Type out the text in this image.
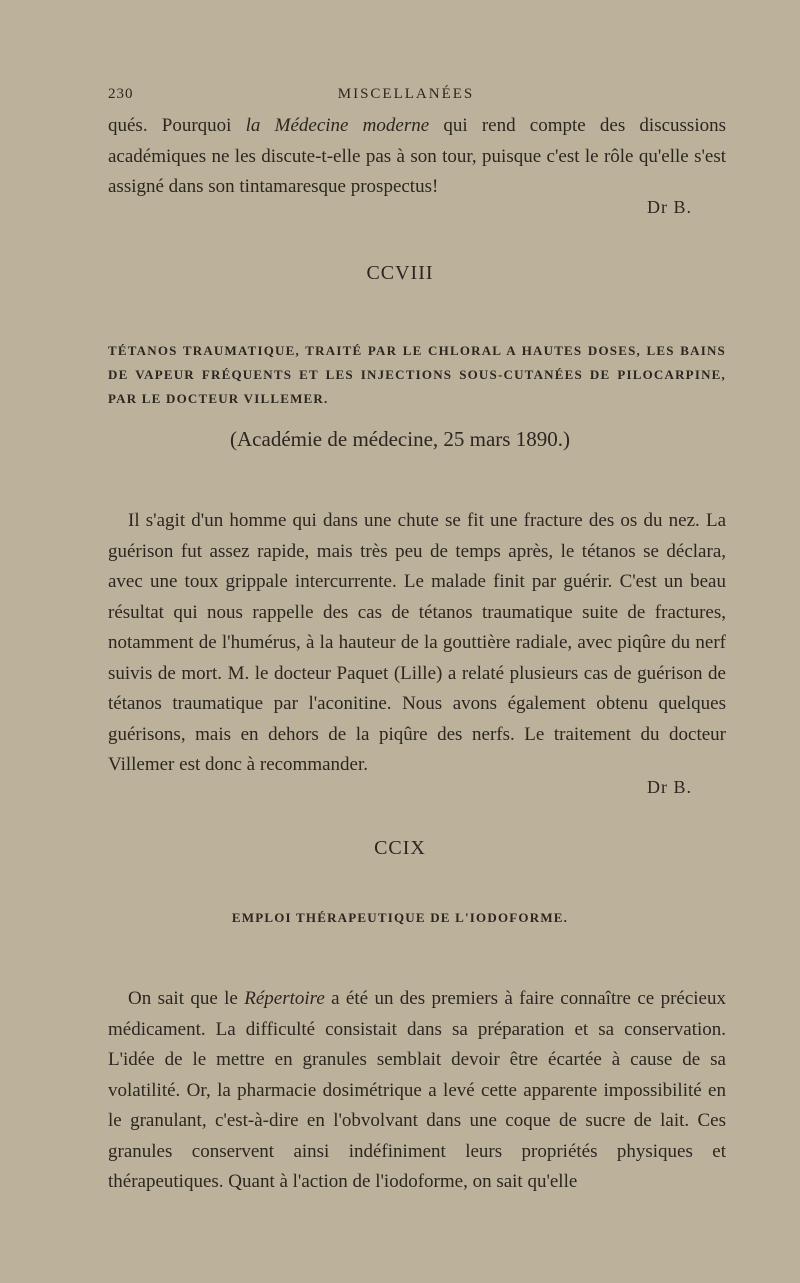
230	MISCELLANÉES

qués. Pourquoi la Médecine moderne qui rend compte des discussions académiques ne les discute-t-elle pas à son tour, puisque c'est le rôle qu'elle s'est assigné dans son tintamaresque prospectus!

Dr B.
CCVIII
TÉTANOS TRAUMATIQUE, TRAITÉ PAR LE CHLORAL A HAUTES DOSES, LES BAINS DE VAPEUR FRÉQUENTS ET LES INJECTIONS SOUS-CUTANÉES DE PILOCARPINE, PAR LE DOCTEUR VILLEMER.
(Académie de médecine, 25 mars 1890.)

Il s'agit d'un homme qui dans une chute se fit une fracture des os du nez. La guérison fut assez rapide, mais très peu de temps après, le tétanos se déclara, avec une toux grippale intercurrente. Le malade finit par guérir. C'est un beau résultat qui nous rappelle des cas de tétanos traumatique suite de fractures, notamment de l'humérus, à la hauteur de la gouttière radiale, avec piqûre du nerf suivis de mort. M. le docteur Paquet (Lille) a relaté plusieurs cas de guérison de tétanos traumatique par l'aconitine. Nous avons également obtenu quelques guérisons, mais en dehors de la piqûre des nerfs. Le traitement du docteur Villemer est donc à recommander.

Dr B.
CCIX
EMPLOI THÉRAPEUTIQUE DE L'IODOFORME.

On sait que le Répertoire a été un des premiers à faire connaître ce précieux médicament. La difficulté consistait dans sa préparation et sa conservation. L'idée de le mettre en granules semblait devoir être écartée à cause de sa volatilité. Or, la pharmacie dosimétrique a levé cette apparente impossibilité en le granulant, c'est-à-dire en l'obvolvant dans une coque de sucre de lait. Ces granules conservent ainsi indéfiniment leurs propriétés physiques et thérapeutiques. Quant à l'action de l'iodoforme, on sait qu'elle
